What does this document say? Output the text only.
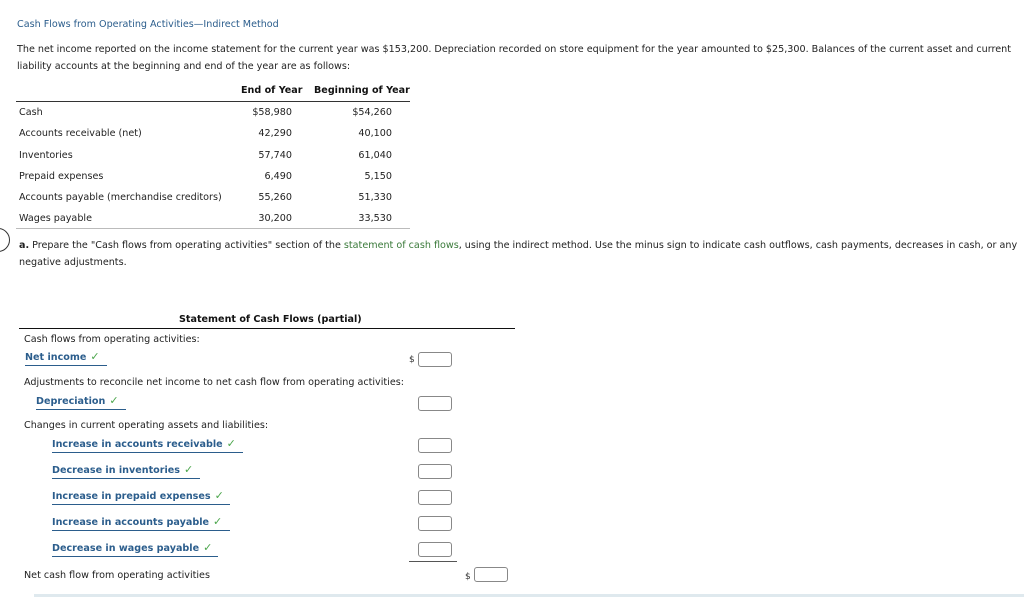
Cash Flows from Operating Activities—Indirect Method
The net income reported on the income statement for the current year was $153,200. Depreciation recorded on store equipment for the year amounted to $25,300. Balances of the current asset and current
liability accounts at the beginning and end of the year are as follows:
End of Year Beginning of Year
Cash	$58,980	$54,260
Accounts receivable (net)	42,290	40,100
Inventories	57,740	61,040
Prepaid expenses	6,490	5,150
Accounts payable (merchandise creditors)	55,260	51,330
Wages payable	30,200	33,530
a. Prepare the "Cash flows from operating activities" section of the statement of cash flows, using the indirect method. Use the minus sign to indicate cash outflows, cash payments, decreases in cash, or any
negative adjustments.
Statement of Cash Flows (partial)
Cash flows from operating activities:
Net income ✓	$
Adjustments to reconcile net income to net cash flow from operating activities:
Depreciation ✓
Changes in current operating assets and liabilities:
Increase in accounts receivable ✓
Decrease in inventories ✓
Increase in prepaid expenses ✓
Increase in accounts payable ✓
Decrease in wages payable ✓
Net cash flow from operating activities	$
